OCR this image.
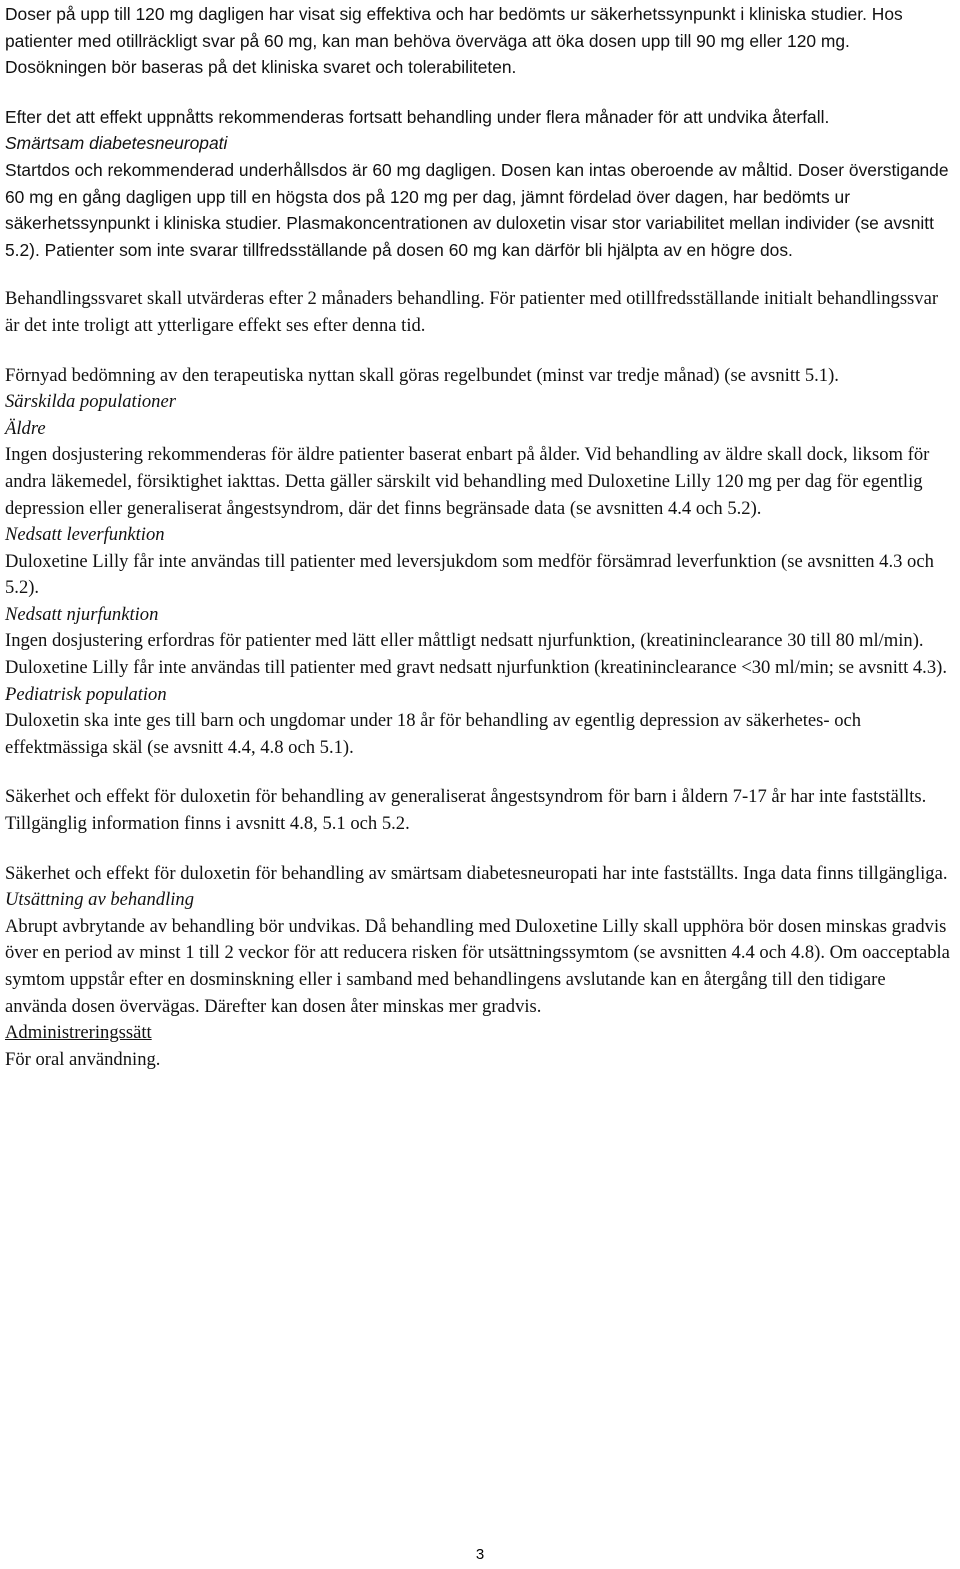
Doser på upp till 120 mg dagligen har visat sig effektiva och har bedömts ur säkerhetssynpunkt i kliniska studier. Hos patienter med otillräckligt svar på 60 mg, kan man behöva överväga att öka dosen upp till 90 mg eller 120 mg. Dosökningen bör baseras på det kliniska svaret och tolerabiliteten.

Efter det att effekt uppnåtts rekommenderas fortsatt behandling under flera månader för att undvika återfall.

Smärtsam diabetesneuropati

Startdos och rekommenderad underhållsdos är 60 mg dagligen. Dosen kan intas oberoende av måltid. Doser överstigande 60 mg en gång dagligen upp till en högsta dos på 120 mg per dag, jämnt fördelad över dagen, har bedömts ur säkerhetssynpunkt i kliniska studier. Plasmakoncentrationen av duloxetin visar stor variabilitet mellan individer (se avsnitt 5.2). Patienter som inte svarar tillfredsställande på dosen 60 mg kan därför bli hjälpta av en högre dos.

Behandlingssvaret skall utvärderas efter 2 månaders behandling. För patienter med otillfredsställande initialt behandlingssvar är det inte troligt att ytterligare effekt ses efter denna tid.

Förnyad bedömning av den terapeutiska nyttan skall göras regelbundet (minst var tredje månad) (se avsnitt 5.1).

Särskilda populationer

Äldre

Ingen dosjustering rekommenderas för äldre patienter baserat enbart på ålder. Vid behandling av äldre skall dock, liksom för andra läkemedel, försiktighet iakttas. Detta gäller särskilt vid behandling med Duloxetine Lilly 120 mg per dag för egentlig depression eller generaliserat ångestsyndrom, där det finns begränsade data (se avsnitten 4.4 och 5.2).

Nedsatt leverfunktion

Duloxetine Lilly får inte användas till patienter med leversjukdom som medför försämrad leverfunktion (se avsnitten 4.3 och 5.2).

Nedsatt njurfunktion

Ingen dosjustering erfordras för patienter med lätt eller måttligt nedsatt njurfunktion, (kreatininclearance 30 till 80 ml/min). Duloxetine Lilly får inte användas till patienter med gravt nedsatt njurfunktion (kreatininclearance <30 ml/min; se avsnitt 4.3).

Pediatrisk population

Duloxetin ska inte ges till barn och ungdomar under 18 år för behandling av egentlig depression av säkerhetes- och effektmässiga skäl (se avsnitt 4.4, 4.8 och 5.1).

Säkerhet och effekt för duloxetin för behandling av generaliserat ångestsyndrom för barn i åldern 7-17 år har inte fastställts. Tillgänglig information finns i avsnitt 4.8, 5.1 och 5.2.

Säkerhet och effekt för duloxetin för behandling av smärtsam diabetesneuropati har inte fastställts. Inga data finns tillgängliga.

Utsättning av behandling

Abrupt avbrytande av behandling bör undvikas. Då behandling med Duloxetine Lilly skall upphöra bör dosen minskas gradvis över en period av minst 1 till 2 veckor för att reducera risken för utsättningssymtom (se avsnitten 4.4 och 4.8). Om oacceptabla symtom uppstår efter en dosminskning eller i samband med behandlingens avslutande kan en återgång till den tidigare använda dosen övervägas. Därefter kan dosen åter minskas mer gradvis.

Administreringssätt

För oral användning.

3
